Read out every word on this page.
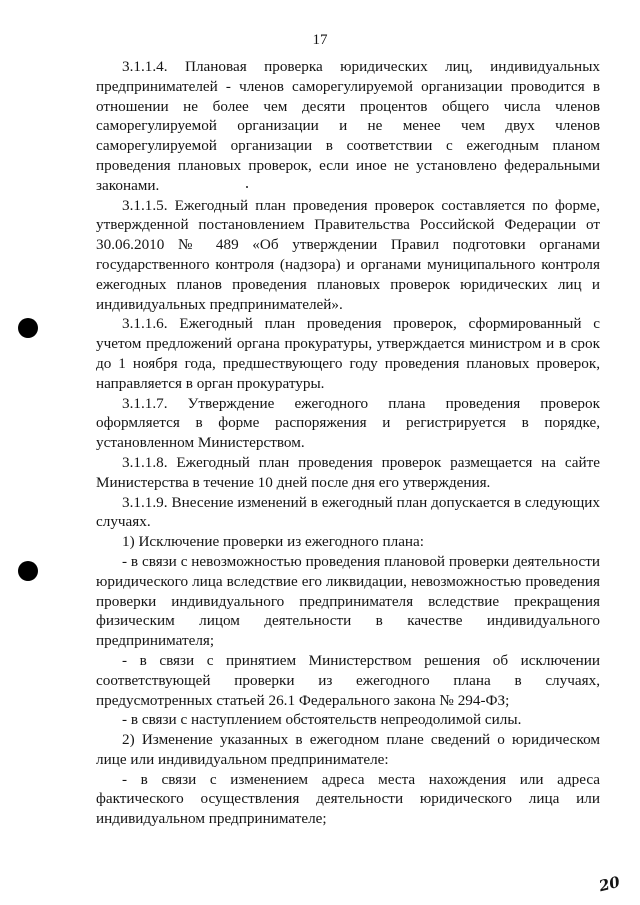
17

3.1.1.4. Плановая проверка юридических лиц, индивидуальных предпринимателей - членов саморегулируемой организации проводится в отношении не более чем десяти процентов общего числа членов саморегулируемой организации и не менее чем двух членов саморегулируемой организации в соответствии с ежегодным планом проведения плановых проверок, если иное не установлено федеральными законами.

3.1.1.5. Ежегодный план проведения проверок составляется по форме, утвержденной постановлением Правительства Российской Федерации от 30.06.2010 № 489 «Об утверждении Правил подготовки органами государственного контроля (надзора) и органами муниципального контроля ежегодных планов проведения плановых проверок юридических лиц и индивидуальных предпринимателей».

3.1.1.6. Ежегодный план проведения проверок, сформированный с учетом предложений органа прокуратуры, утверждается министром и в срок до 1 ноября года, предшествующего году проведения плановых проверок, направляется в орган прокуратуры.

3.1.1.7. Утверждение ежегодного плана проведения проверок оформляется в форме распоряжения и регистрируется в порядке, установленном Министерством.

3.1.1.8. Ежегодный план проведения проверок размещается на сайте Министерства в течение 10 дней после дня его утверждения.

3.1.1.9. Внесение изменений в ежегодный план допускается в следующих случаях.

1) Исключение проверки из ежегодного плана:

- в связи с невозможностью проведения плановой проверки деятельности юридического лица вследствие его ликвидации, невозможностью проведения проверки индивидуального предпринимателя вследствие прекращения физическим лицом деятельности в качестве индивидуального предпринимателя;

- в связи с принятием Министерством решения об исключении соответствующей проверки из ежегодного плана в случаях, предусмотренных статьей 26.1 Федерального закона № 294-ФЗ;

- в связи с наступлением обстоятельств непреодолимой силы.

2) Изменение указанных в ежегодном плане сведений о юридическом лице или индивидуальном предпринимателе:

- в связи с изменением адреса места нахождения или адреса фактического осуществления деятельности юридического лица или индивидуальном предпринимателе;

20
